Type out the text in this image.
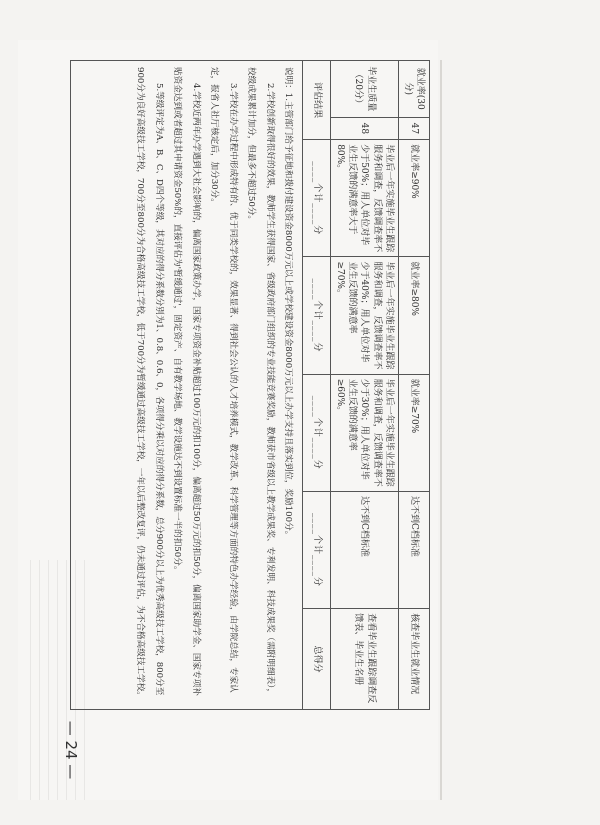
就业率(30分)	47	就业率≥90%	就业率≥80%	就业率≥70%	达不到C档标准	核查毕业生就业情况
毕业生质量（20分）	48	毕业后一年实施毕业生跟踪服务和调查，反馈调查率不少于50%；用人单位对毕业生反馈的满意率大于80%。	毕业后一年实施毕业生跟踪服务和调查，反馈调查率不少于40%；用人单位对毕业生反馈的满意率≥70%。	毕业后一年实施毕业生跟踪服务和调查，反馈调查率不少于30%；用人单位对毕业生反馈的满意率≥60%。	达不到C档标准	查看毕业生跟踪调查反馈表、毕业生名册
评估结果		____个计____分	____个计____分	____个计____分	____个计____分	总得分

说明：1.主管部门给予征地和拨付建设资金8000万元以上或学校建设资金8000万元以上办学支持且落实到位，奖励100分。

2.学校创新取得很好的效果，教师学生获得国家、省级政府部门组织的专业技能竞赛奖励，教师获市省级以上教学成果奖、专利发明、科技成果奖（需附明细表），校级成果累计加分，但最多不超过50分。

3.学校在办学过程中形成特有的、优于同类学校的，效果显著、得到社会公认的人才培养模式，教学改革、科学管理等方面的特色办学经验，由学院总结，专家认定，报省人社厅核定后，加分30分。

4.学校近两年办学遇到大社会影响的，偏离国家政策办学，国家专项资金补贴超过100万元的扣100分，偏离超过50万元的扣50分，偏离国家助学金、国家专项补贴资金达到或者超过其申请资金50%的，直接评估为'暂缓通过'，固定资产、自有教学场地、教学设施达不到设置标准一半的扣50分。

5.等级评定为A、B、C、D四个等级，其对应的得分系数分别为1、0.8、0.6、0，各项得分乘以对应的得分系数，总分900分以上为优秀高级技工学校，800分至900分为良好高级技工学校，700分至800分为合格高级技工学校，低于700分为暂缓通过高级技工学校，一年以后整改复评，仍未通过评估，为不合格高级技工学校。

— 24 —
